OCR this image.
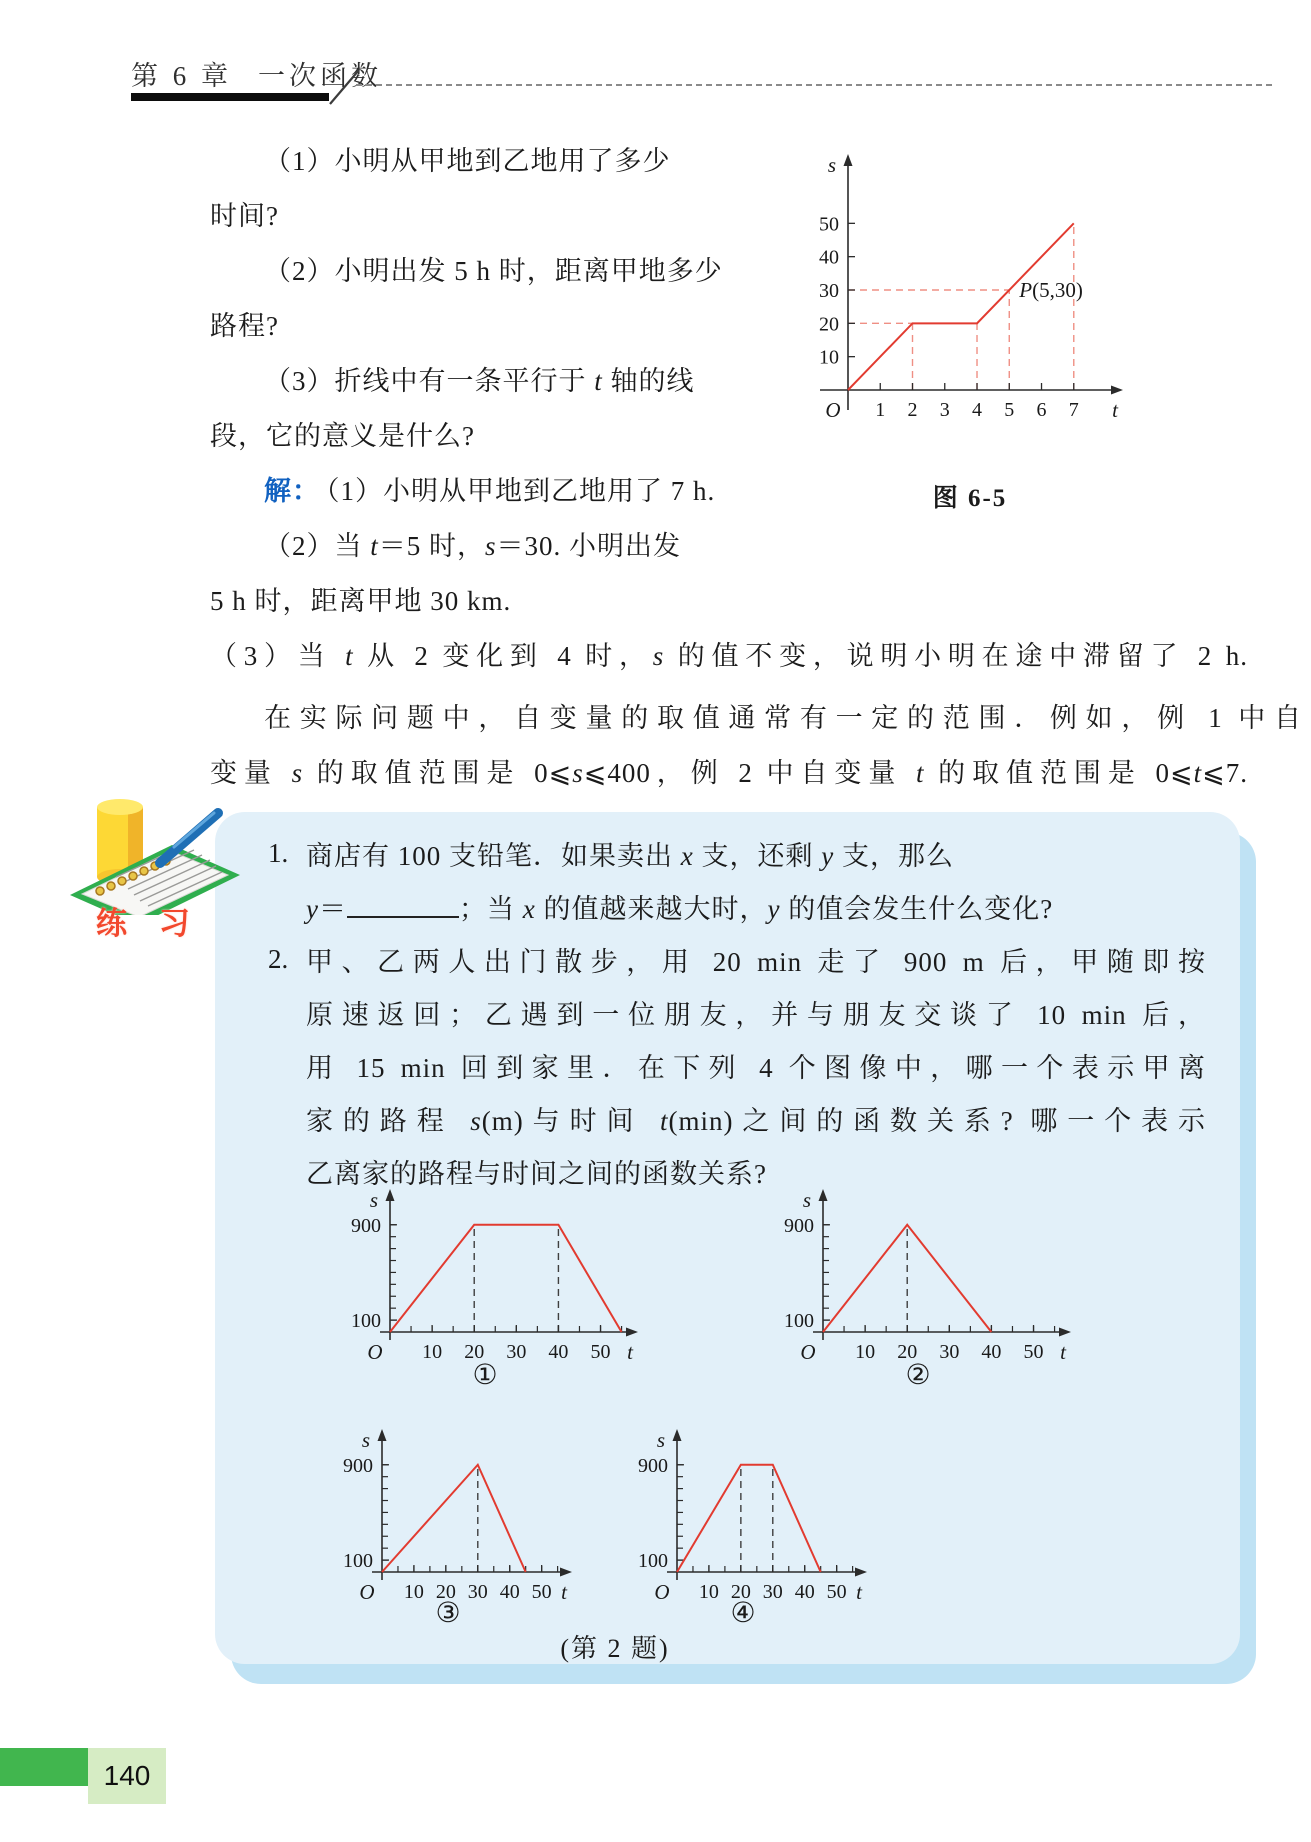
第 6 章 一次函数
（1）小明从甲地到乙地用了多少
时间?
（2）小明出发 5 h 时，距离甲地多少
路程?
（3）折线中有一条平行于 t 轴的线
段，它的意义是什么?
解： （1）小明从甲地到乙地用了 7 h.
（2）当 t＝5 时，s＝30. 小明出发
5 h 时，距离甲地 30 km.
（3）当 t 从 2 变化到 4 时，s 的值不变，说明小明在途中滞留了 2 h.
在实际问题中，自变量的取值通常有一定的范围．例如，例 1 中自
变量 s 的取值范围是 0⩽s⩽400，例 2 中自变量 t 的取值范围是 0⩽t⩽7.
1 2 3 4 5 6 7
10
20
30
40
50
s
t
O
P(5,30)
图 6-5
练 习
1. 商店有 100 支铅笔．如果卖出 x 支，还剩 y 支，那么
y＝	；当 x 的值越来越大时，y 的值会发生什么变化?
2. 甲、乙两人出门散步，用 20 min 走了 900 m 后，甲随即按
原速返回；乙遇到一位朋友，并与朋友交谈了 10 min 后，
用 15 min 回到家里．在下列 4 个图像中，哪一个表示甲离
家的路程 s(m)与时间 t(min)之间的函数关系? 哪一个表示
乙离家的路程与时间之间的函数关系?
10 20 30 40 50
100
900
s
t
O	10 20 30 40 50
100
900
s
t
O
10 20 30 40 50
100
900
s
t
O	10 20 30 40 50
100
900
s
t
O
①	②
③	④
(第 2 题)
140
